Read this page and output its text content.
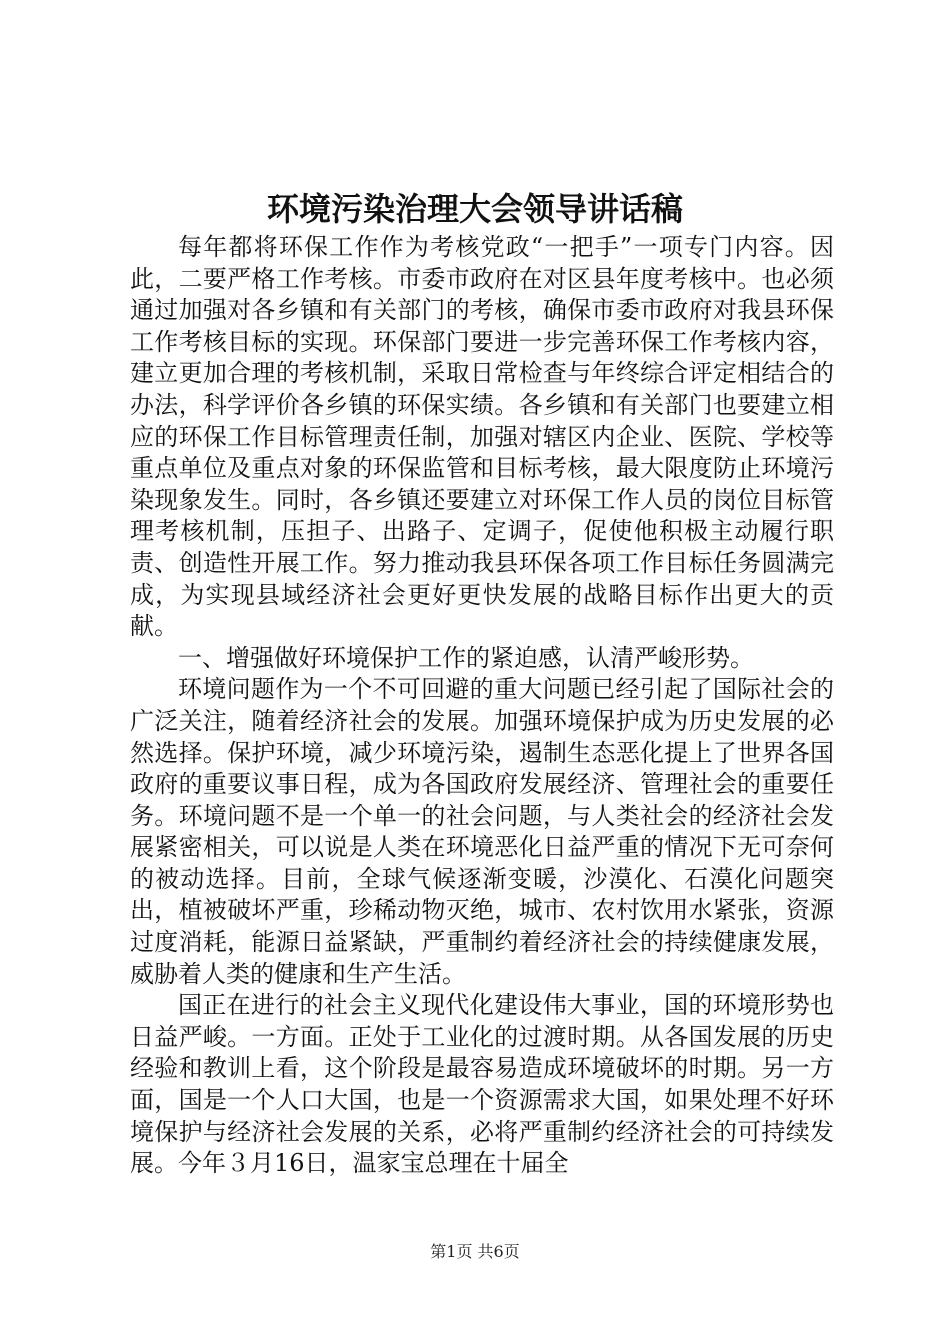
环境污染治理大会领导讲话稿

每年都将环保工作作为考核党政“一把手”一项专门内容。因此，二要严格工作考核。市委市政府在对区县年度考核中。也必须通过加强对各乡镇和有关部门的考核，确保市委市政府对我县环保工作考核目标的实现。环保部门要进一步完善环保工作考核内容，建立更加合理的考核机制，采取日常检查与年终综合评定相结合的办法，科学评价各乡镇的环保实绩。各乡镇和有关部门也要建立相应的环保工作目标管理责任制，加强对辖区内企业、医院、学校等重点单位及重点对象的环保监管和目标考核，最大限度防止环境污染现象发生。同时，各乡镇还要建立对环保工作人员的岗位目标管理考核机制，压担子、出路子、定调子，促使他积极主动履行职责、创造性开展工作。努力推动我县环保各项工作目标任务圆满完成，为实现县域经济社会更好更快发展的战略目标作出更大的贡献。

一、增强做好环境保护工作的紧迫感，认清严峻形势。

环境问题作为一个不可回避的重大问题已经引起了国际社会的广泛关注，随着经济社会的发展。加强环境保护成为历史发展的必然选择。保护环境，减少环境污染，遏制生态恶化提上了世界各国政府的重要议事日程，成为各国政府发展经济、管理社会的重要任务。环境问题不是一个单一的社会问题，与人类社会的经济社会发展紧密相关，可以说是人类在环境恶化日益严重的情况下无可奈何的被动选择。目前，全球气候逐渐变暖，沙漠化、石漠化问题突出，植被破坏严重，珍稀动物灭绝，城市、农村饮用水紧张，资源过度消耗，能源日益紧缺，严重制约着经济社会的持续健康发展，威胁着人类的健康和生产生活。

国正在进行的社会主义现代化建设伟大事业，国的环境形势也日益严峻。一方面。正处于工业化的过渡时期。从各国发展的历史经验和教训上看，这个阶段是最容易造成环境破坏的时期。另一方面，国是一个人口大国，也是一个资源需求大国，如果处理不好环境保护与经济社会发展的关系，必将严重制约经济社会的可持续发展。今年３月16日，温家宝总理在十届全

第1页 共6页
